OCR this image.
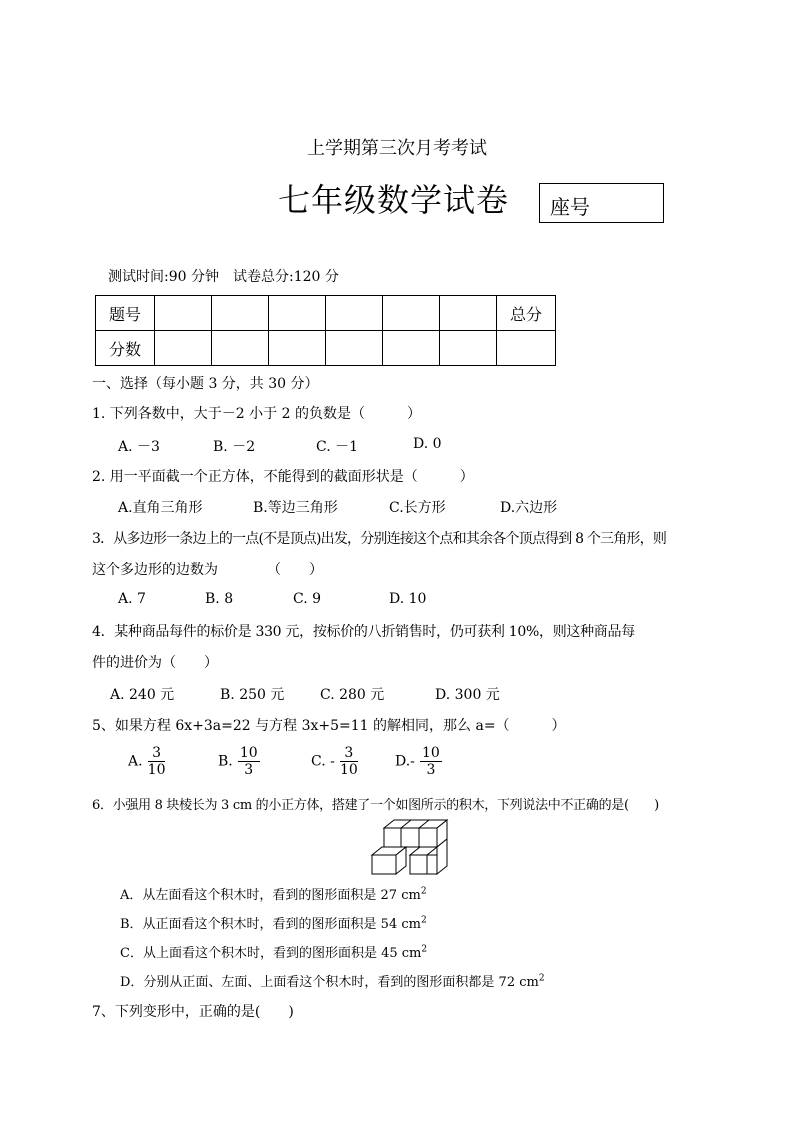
上学期第三次月考考试
七年级数学试卷 座号
测试时间:90 分钟　试卷总分:120 分
题号							总分
分数							
一、选择（每小题 3 分，共 30 分）
1. 下列各数中，大于－2 小于 2 的负数是（　　　）
A. －3	B. －2	C. －1	D. 0
2. 用一平面截一个正方体，不能得到的截面形状是（　　　）
A.直角三角形	B.等边三角形	C.长方形	D.六边形
3．从多边形一条边上的一点(不是顶点)出发，分别连接这个点和其余各个顶点得到 8 个三角形，则
这个多边形的边数为　　　　（　　）
A. 7	B. 8	C. 9	D. 10
4．某种商品每件的标价是 330 元，按标价的八折销售时，仍可获利 10%，则这种商品每
件的进价为（　　）
A. 240 元	B. 250 元	C. 280 元	D. 300 元
5、如果方程 6x+3a=22 与方程 3x+5=11 的解相同，那么 a=（　　　）
A. $\frac{3}{10}$	B. $\frac{10}{3}$	C. - $\frac{3}{10}$	$D.- \frac{10}{3}$
6．小强用 8 块棱长为 3 cm 的小正方体，搭建了一个如图所示的积木，下列说法中不正确的是(　　)
A．从左面看这个积木时，看到的图形面积是 27 $cm^2$
B．从正面看这个积木时，看到的图形面积是 54 $cm^2$
C．从上面看这个积木时，看到的图形面积是 45 $cm^2$
D．分别从正面、左面、上面看这个积木时，看到的图形面积都是 72 $cm^2$
7、下列变形中，正确的是(　　)
